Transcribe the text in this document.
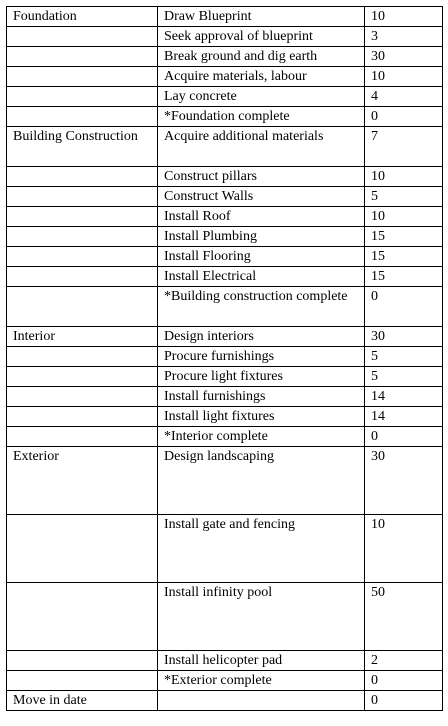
Foundation	Draw Blueprint	10
	Seek approval of blueprint	3
	Break ground and dig earth	30
	Acquire materials, labour	10
	Lay concrete	4
	*Foundation complete	0
Building Construction	Acquire additional materials	7
	Construct pillars	10
	Construct Walls	5
	Install Roof	10
	Install Plumbing	15
	Install Flooring	15
	Install Electrical	15
	*Building construction complete	0
Interior	Design interiors	30
	Procure furnishings	5
	Procure light fixtures	5
	Install furnishings	14
	Install light fixtures	14
	*Interior complete	0
Exterior	Design landscaping	30
	Install gate and fencing	10
	Install infinity pool	50
	Install helicopter pad	2
	*Exterior complete	0
Move in date		0
